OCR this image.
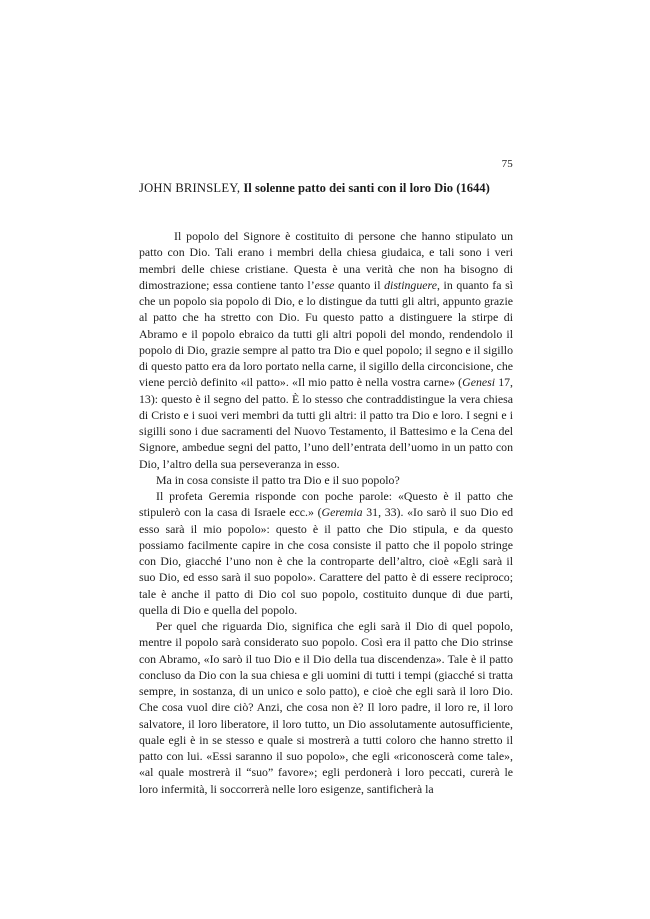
75
JOHN BRINSLEY, Il solenne patto dei santi con il loro Dio (1644)

Il popolo del Signore è costituito di persone che hanno stipulato un patto con Dio. Tali erano i membri della chiesa giudaica, e tali sono i veri membri delle chiese cristiane. Questa è una verità che non ha bisogno di dimostrazione; essa contiene tanto l’esse quanto il distinguere, in quanto fa sì che un popolo sia popolo di Dio, e lo distingue da tutti gli altri, appunto grazie al patto che ha stretto con Dio. Fu questo patto a distinguere la stirpe di Abramo e il popolo ebraico da tutti gli altri popoli del mondo, rendendolo il popolo di Dio, grazie sempre al patto tra Dio e quel popolo; il segno e il sigillo di questo patto era da loro portato nella carne, il sigillo della circoncisione, che viene perciò definito «il patto». «Il mio patto è nella vostra carne» (Genesi 17, 13): questo è il segno del patto. È lo stesso che contraddistingue la vera chiesa di Cristo e i suoi veri membri da tutti gli altri: il patto tra Dio e loro. I segni e i sigilli sono i due sacramenti del Nuovo Testamento, il Battesimo e la Cena del Signore, ambedue segni del patto, l’uno dell’entrata dell’uomo in un patto con Dio, l’altro della sua perseveranza in esso.

Ma in cosa consiste il patto tra Dio e il suo popolo?

Il profeta Geremia risponde con poche parole: «Questo è il patto che stipulerò con la casa di Israele ecc.» (Geremia 31, 33). «Io sarò il suo Dio ed esso sarà il mio popolo»: questo è il patto che Dio stipula, e da questo possiamo facilmente capire in che cosa consiste il patto che il popolo stringe con Dio, giacché l’uno non è che la controparte dell’altro, cioè «Egli sarà il suo Dio, ed esso sarà il suo popolo». Carattere del patto è di essere reciproco; tale è anche il patto di Dio col suo popolo, costituito dunque di due parti, quella di Dio e quella del popolo.

Per quel che riguarda Dio, significa che egli sarà il Dio di quel popolo, mentre il popolo sarà considerato suo popolo. Così era il patto che Dio strinse con Abramo, «Io sarò il tuo Dio e il Dio della tua discendenza». Tale è il patto concluso da Dio con la sua chiesa e gli uomini di tutti i tempi (giacché si tratta sempre, in sostanza, di un unico e solo patto), e cioè che egli sarà il loro Dio. Che cosa vuol dire ciò? Anzi, che cosa non è? Il loro padre, il loro re, il loro salvatore, il loro liberatore, il loro tutto, un Dio assolutamente autosufficiente, quale egli è in se stesso e quale si mostrerà a tutti coloro che hanno stretto il patto con lui. «Essi saranno il suo popolo», che egli «riconoscerà come tale», «al quale mostrerà il “suo” favore»; egli perdonerà i loro peccati, curerà le loro infermità, li soccorrerà nelle loro esigenze, santificherà la
